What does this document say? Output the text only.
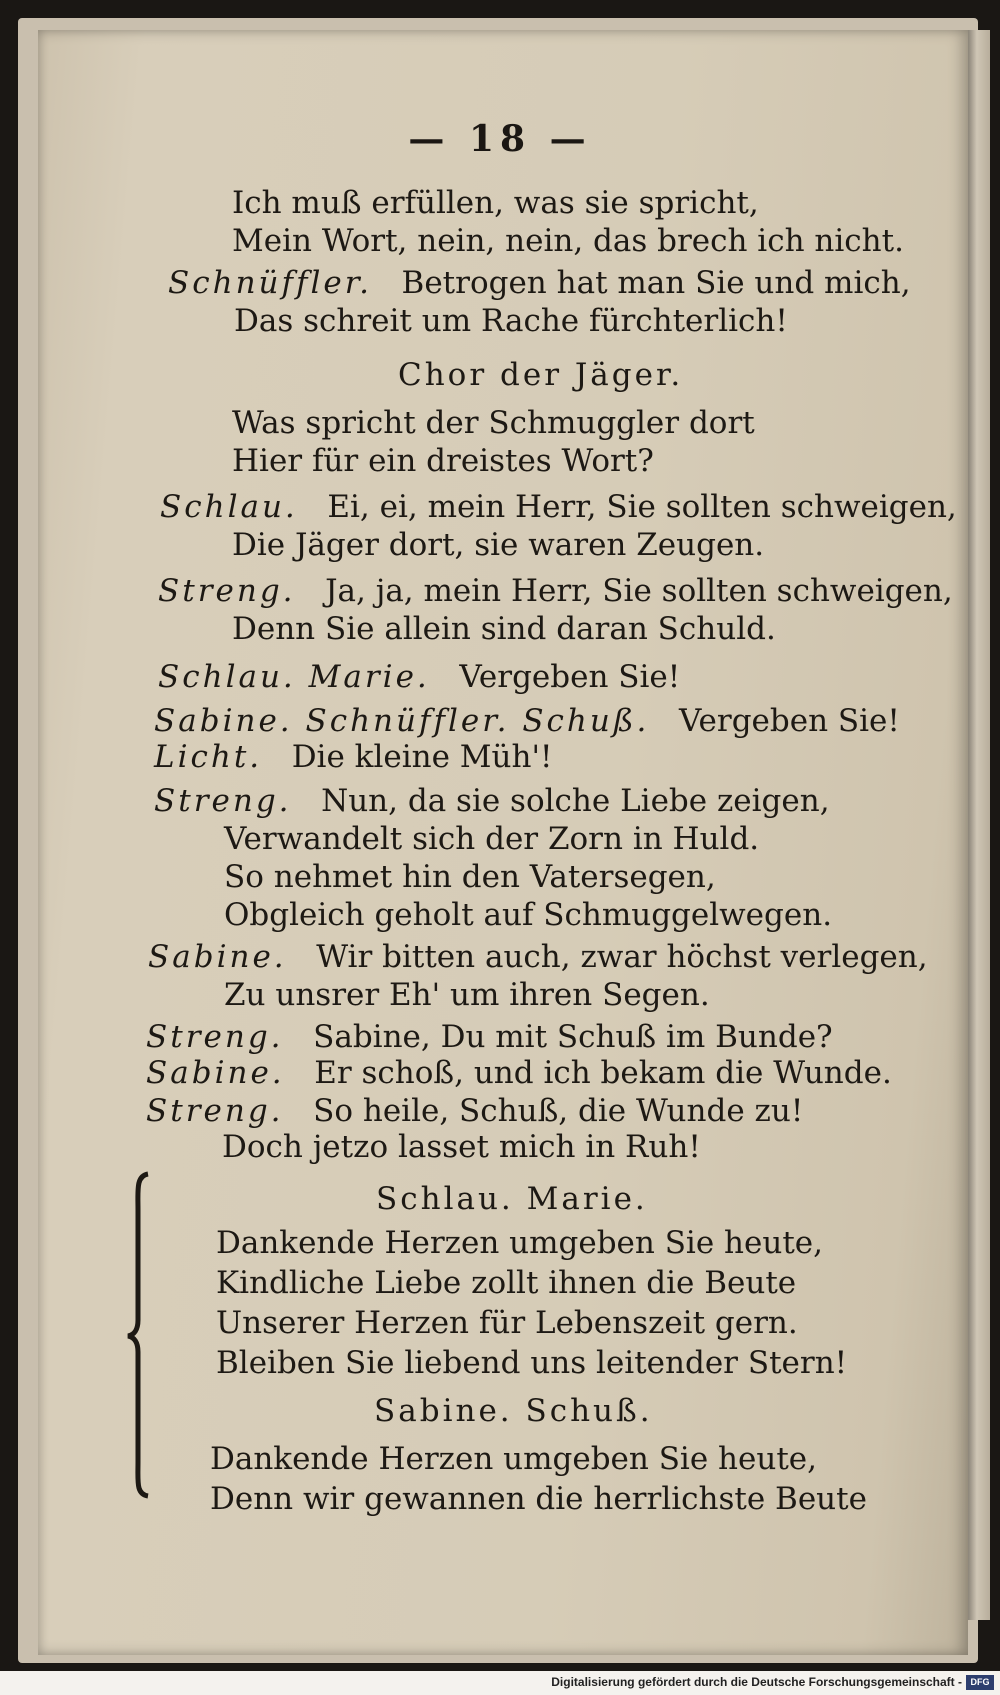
— 18 —
Ich muß erfüllen, was sie spricht,
Mein Wort, nein, nein, das brech ich nicht.
Schnüffler. Betrogen hat man Sie und mich,
Das schreit um Rache fürchterlich!
Chor der Jäger.
Was spricht der Schmuggler dort
Hier für ein dreistes Wort?
Schlau. Ei, ei, mein Herr, Sie sollten schweigen,
Die Jäger dort, sie waren Zeugen.
Streng. Ja, ja, mein Herr, Sie sollten schweigen,
Denn Sie allein sind daran Schuld.
Schlau. Marie. Vergeben Sie!
Sabine. Schnüffler. Schuß. Vergeben Sie!
Licht. Die kleine Müh'!
Streng. Nun, da sie solche Liebe zeigen,
Verwandelt sich der Zorn in Huld.
So nehmet hin den Vatersegen,
Obgleich geholt auf Schmuggelwegen.
Sabine. Wir bitten auch, zwar höchst verlegen,
Zu unsrer Eh' um ihren Segen.
Streng. Sabine, Du mit Schuß im Bunde?
Sabine. Er schoß, und ich bekam die Wunde.
Streng. So heile, Schuß, die Wunde zu!
Doch jetzo lasset mich in Ruh!
Schlau. Marie.
Dankende Herzen umgeben Sie heute,
Kindliche Liebe zollt ihnen die Beute
Unserer Herzen für Lebenszeit gern.
Bleiben Sie liebend uns leitender Stern!
Sabine. Schuß.
Dankende Herzen umgeben Sie heute,
Denn wir gewannen die herrlichste Beute
Digitalisierung gefördert durch die Deutsche Forschungsgemeinschaft - DFG
